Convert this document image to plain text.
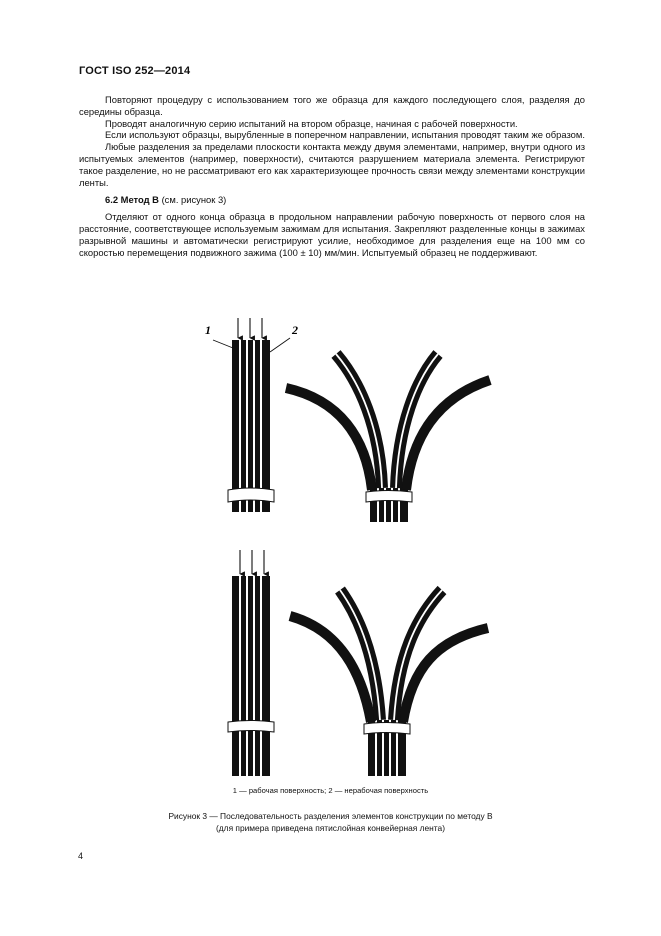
ГОСТ ISO 252—2014

Повторяют процедуру с использованием того же образца для каждого последующего слоя, разделяя до середины образца.

Проводят аналогичную серию испытаний на втором образце, начиная с рабочей поверхности.

Если используют образцы, вырубленные в поперечном направлении, испытания проводят таким же образом.

Любые разделения за пределами плоскости контакта между двумя элементами, например, внутри одного из испытуемых элементов (например, поверхности), считаются разрушением материала элемента. Регистрируют такое разделение, но не рассматривают его как характеризующее прочность связи между элементами конструкции ленты.

6.2 Метод В (см. рисунок 3)

Отделяют от одного конца образца в продольном направлении рабочую поверхность от первого слоя на расстояние, соответствующее используемым зажимам для испытания. Закрепляют разделенные концы в зажимах разрывной машины и автоматически регистрируют усилие, необходимое для разделения еще на 100 мм со скоростью перемещения подвижного зажима (100 ± 10) мм/мин. Испытуемый образец не поддерживают.

1	2
1 — рабочая поверхность; 2 — нерабочая поверхность
Рисунок 3 — Последовательность разделения элементов конструкции по методу В
(для примера приведена пятислойная конвейерная лента)
4
